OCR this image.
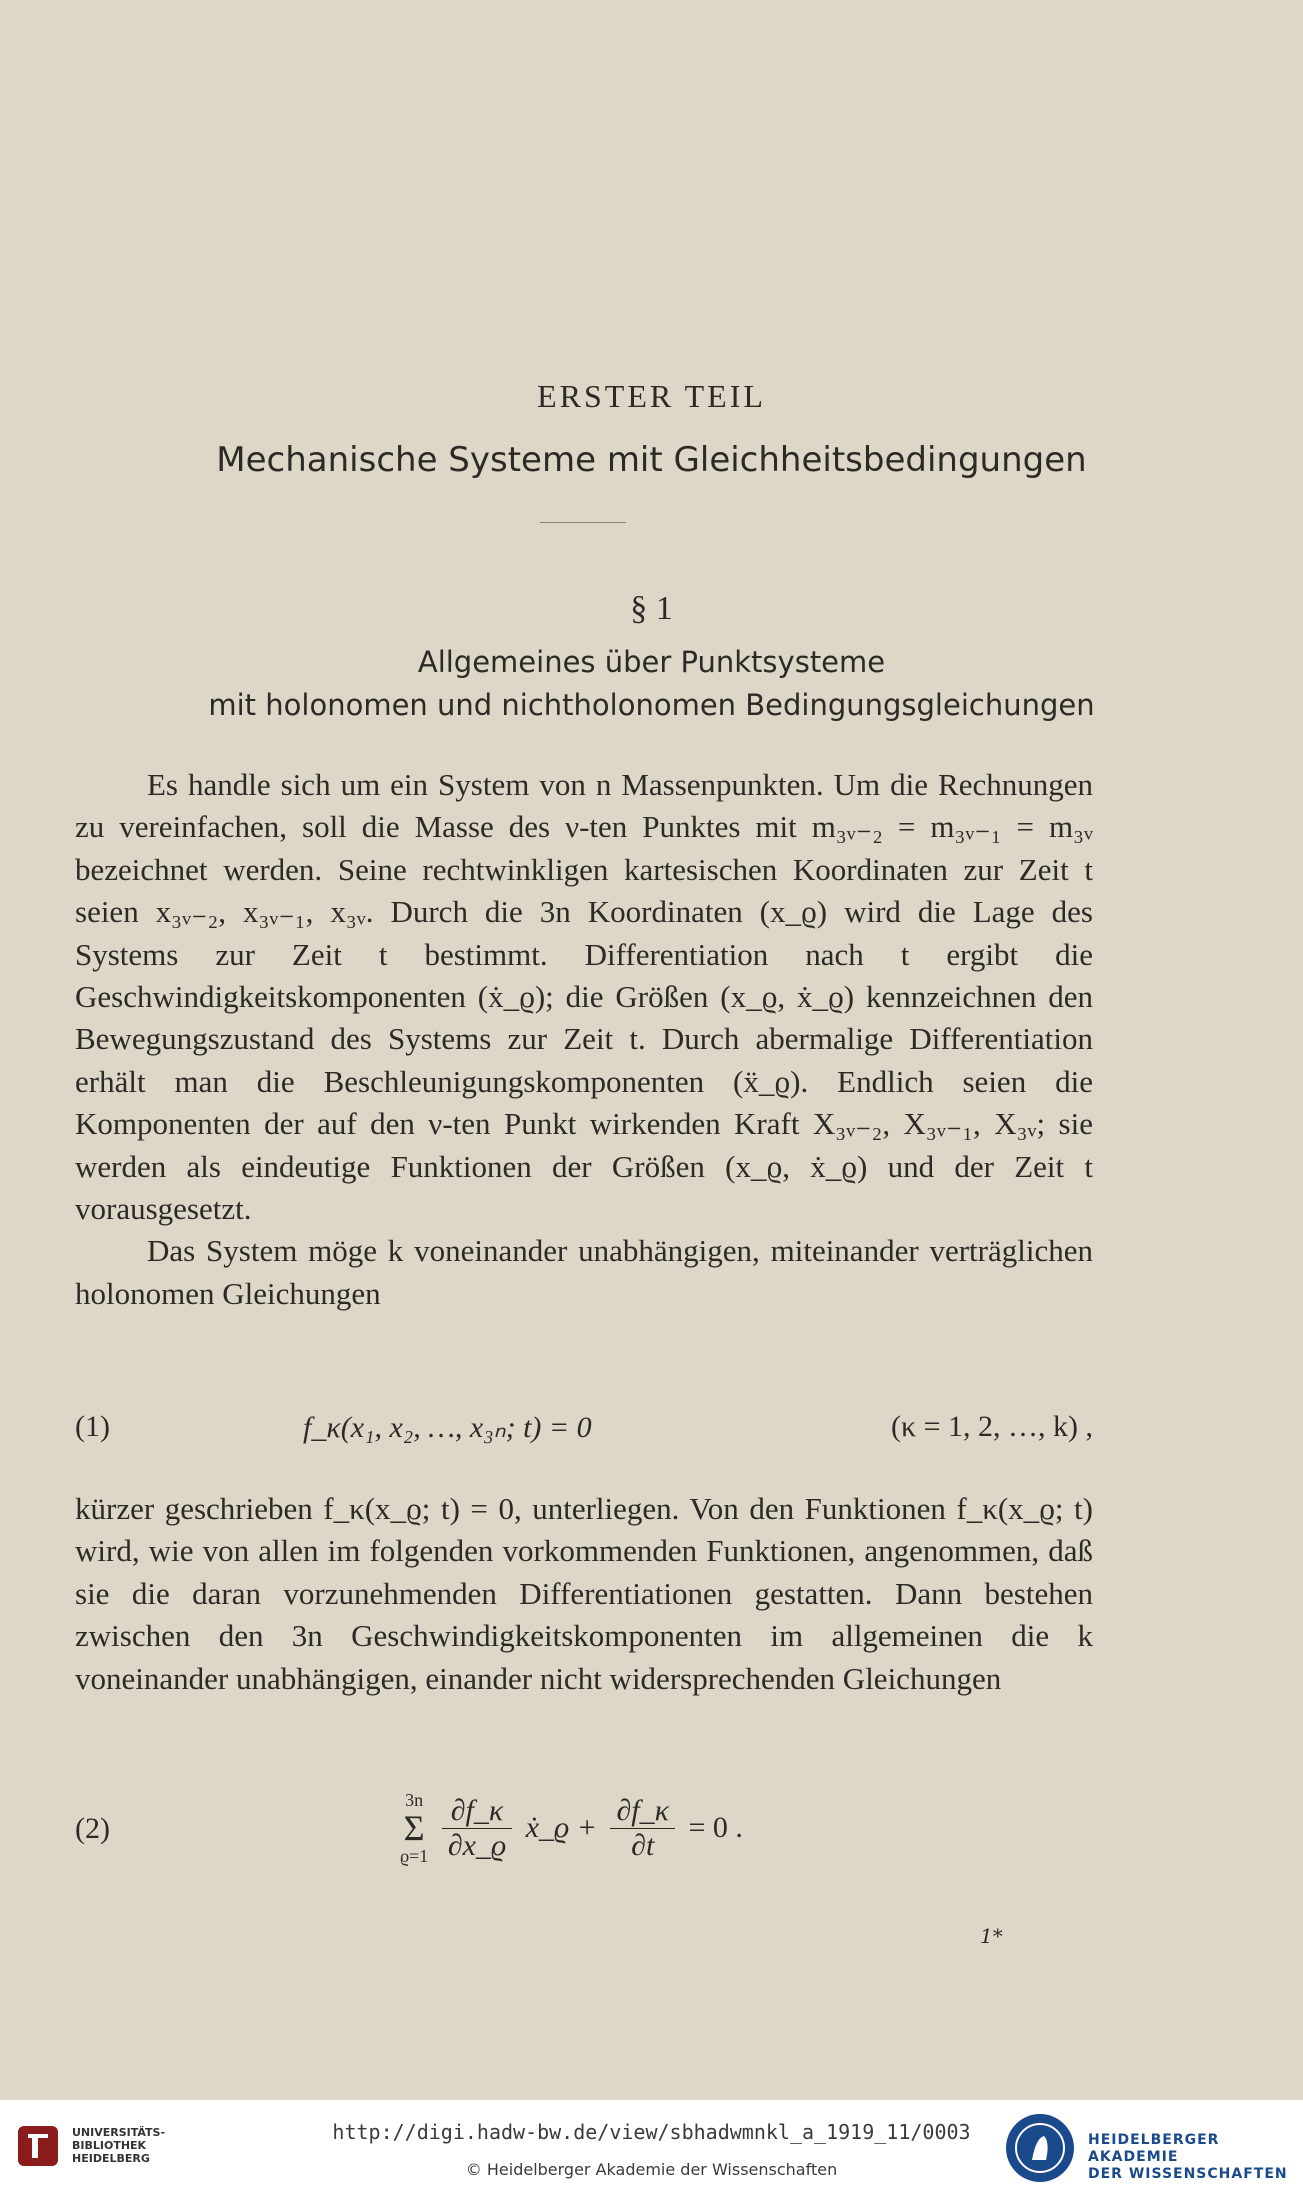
ERSTER TEIL
Mechanische Systeme mit Gleichheitsbedingungen
§ 1
Allgemeines über Punktsysteme
mit holonomen und nichtholonomen Bedingungsgleichungen

Es handle sich um ein System von n Massenpunkten. Um die Rechnungen zu vereinfachen, soll die Masse des ν-ten Punktes mit m₃ᵥ₋₂ = m₃ᵥ₋₁ = m₃ᵥ bezeichnet werden. Seine rechtwinkligen kartesischen Koordinaten zur Zeit t seien x₃ᵥ₋₂, x₃ᵥ₋₁, x₃ᵥ. Durch die 3n Koordinaten (x_ϱ) wird die Lage des Systems zur Zeit t bestimmt. Differentiation nach t ergibt die Geschwindigkeitskomponenten (ẋ_ϱ); die Größen (x_ϱ, ẋ_ϱ) kennzeichnen den Bewegungszustand des Systems zur Zeit t. Durch abermalige Differentiation erhält man die Beschleunigungskomponenten (ẍ_ϱ). Endlich seien die Komponenten der auf den ν-ten Punkt wirkenden Kraft X₃ᵥ₋₂, X₃ᵥ₋₁, X₃ᵥ; sie werden als eindeutige Funktionen der Größen (x_ϱ, ẋ_ϱ) und der Zeit t vorausgesetzt.

Das System möge k voneinander unabhängigen, miteinander verträglichen holonomen Gleichungen

(1)	f_κ(x₁, x₂, …, x₃ₙ; t) = 0	(κ = 1, 2, …, k) ,

kürzer geschrieben f_κ(x_ϱ; t) = 0, unterliegen. Von den Funktionen f_κ(x_ϱ; t) wird, wie von allen im folgenden vorkommenden Funktionen, angenommen, daß sie die daran vorzunehmenden Differentiationen gestatten. Dann bestehen zwischen den 3n Geschwindigkeitskomponenten im allgemeinen die k voneinander unabhängigen, einander nicht widersprechenden Gleichungen

(2)
3n
Σ
$ϱ=1 \frac{\partial f\_\kappa}{\partial x\_ϱ}$ ẋ_ϱ + $\frac{\partial f\_\kappa}{\partial t} = 0$ .
1*
UNIVERSITÄTS-
BIBLIOTHEK
HEIDELBERG
http://digi.hadw-bw.de/view/sbhadwmnkl_a_1919_11/0003
© Heidelberger Akademie der Wissenschaften
HEIDELBERGER AKADEMIE
DER WISSENSCHAFTEN
